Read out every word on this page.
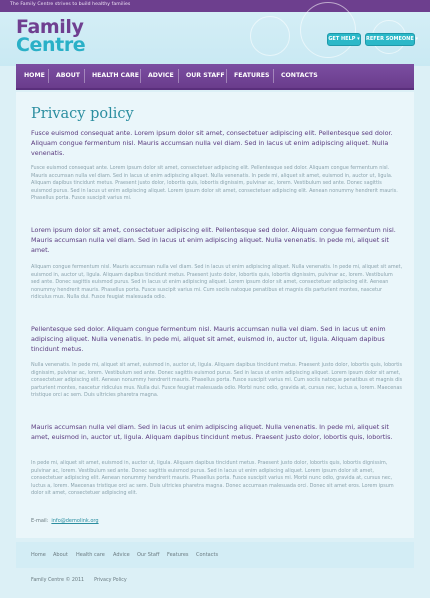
The Family Centre strives to build healthy families
Family
Centre	GET HELP ▾ REFER SOMEONE ▾
HOME ABOUT HEALTH CARE ADVICE OUR STAFF FEATURES CONTACTS
Privacy policy

Fusce euismod consequat ante. Lorem ipsum dolor sit amet, consectetuer adipiscing elit. Pellentesque sed dolor. Aliquam congue fermentum nisl. Mauris accumsan nulla vel diam. Sed in lacus ut enim adipiscing aliquet. Nulla venenatis.

Fusce euismod consequat ante. Lorem ipsum dolor sit amet, consectetuer adipiscing elit. Pellentesque sed dolor. Aliquam congue fermentum nisl. Mauris accumsan nulla vel diam. Sed in lacus ut enim adipiscing aliquet. Nulla venenatis. In pede mi, aliquet sit amet, euismod in, auctor ut, ligula. Aliquam dapibus tincidunt metus. Praesent justo dolor, lobortis quis, lobortis dignissim, pulvinar ac, lorem. Vestibulum sed ante. Donec sagittis euismod purus. Sed in lacus ut enim adipiscing aliquet. Lorem ipsum dolor sit amet, consectetuer adipiscing elit. Aenean nonummy hendrerit mauris. Phasellus porta. Fusce suscipit varius mi.

Lorem ipsum dolor sit amet, consectetuer adipiscing elit. Pellentesque sed dolor. Aliquam congue fermentum nisl. Mauris accumsan nulla vel diam. Sed in lacus ut enim adipiscing aliquet. Nulla venenatis. In pede mi, aliquet sit amet.

Aliquam congue fermentum nisl. Mauris accumsan nulla vel diam. Sed in lacus ut enim adipiscing aliquet. Nulla venenatis. In pede mi, aliquet sit amet, euismod in, auctor ut, ligula. Aliquam dapibus tincidunt metus. Praesent justo dolor, lobortis quis, lobortis dignissim, pulvinar ac, lorem. Vestibulum sed ante. Donec sagittis euismod purus. Sed in lacus ut enim adipiscing aliquet. Lorem ipsum dolor sit amet, consectetuer adipiscing elit. Aenean nonummy hendrerit mauris. Phasellus porta. Fusce suscipit varius mi. Cum sociis natoque penatibus et magnis dis parturient montes, nascetur ridiculus mus. Nulla dui. Fusce feugiat malesuada odio.

Pellentesque sed dolor. Aliquam congue fermentum nisl. Mauris accumsan nulla vel diam. Sed in lacus ut enim adipiscing aliquet. Nulla venenatis. In pede mi, aliquet sit amet, euismod in, auctor ut, ligula. Aliquam dapibus tincidunt metus.

Nulla venenatis. In pede mi, aliquet sit amet, euismod in, auctor ut, ligula. Aliquam dapibus tincidunt metus. Praesent justo dolor, lobortis quis, lobortis dignissim, pulvinar ac, lorem. Vestibulum sed ante. Donec sagittis euismod purus. Sed in lacus ut enim adipiscing aliquet. Lorem ipsum dolor sit amet, consectetuer adipiscing elit. Aenean nonummy hendrerit mauris. Phasellus porta. Fusce suscipit varius mi. Cum sociis natoque penatibus et magnis dis parturient montes, nascetur ridiculus mus. Nulla dui. Fusce feugiat malesuada odio. Morbi nunc odio, gravida at, cursus nec, luctus a, lorem. Maecenas tristique orci ac sem. Duis ultricies pharetra magna.

Mauris accumsan nulla vel diam. Sed in lacus ut enim adipiscing aliquet. Nulla venenatis. In pede mi, aliquet sit amet, euismod in, auctor ut, ligula. Aliquam dapibus tincidunt metus. Praesent justo dolor, lobortis quis, lobortis.

In pede mi, aliquet sit amet, euismod in, auctor ut, ligula. Aliquam dapibus tincidunt metus. Praesent justo dolor, lobortis quis, lobortis dignissim, pulvinar ac, lorem. Vestibulum sed ante. Donec sagittis euismod purus. Sed in lacus ut enim adipiscing aliquet. Lorem ipsum dolor sit amet, consectetuer adipiscing elit. Aenean nonummy hendrerit mauris. Phasellus porta. Fusce suscipit varius mi. Morbi nunc odio, gravida at, cursus nec, luctus a, lorem. Maecenas tristique orci ac sem. Duis ultricies pharetra magna. Donec accumsan malesuada orci. Donec sit amet eros. Lorem ipsum dolor sit amet, consectetuer adipiscing elit.

E-mail: info@demolink.org
Home About Health care Advice Our Staff Features Contacts
Family Centre © 2011 Privacy Policy
